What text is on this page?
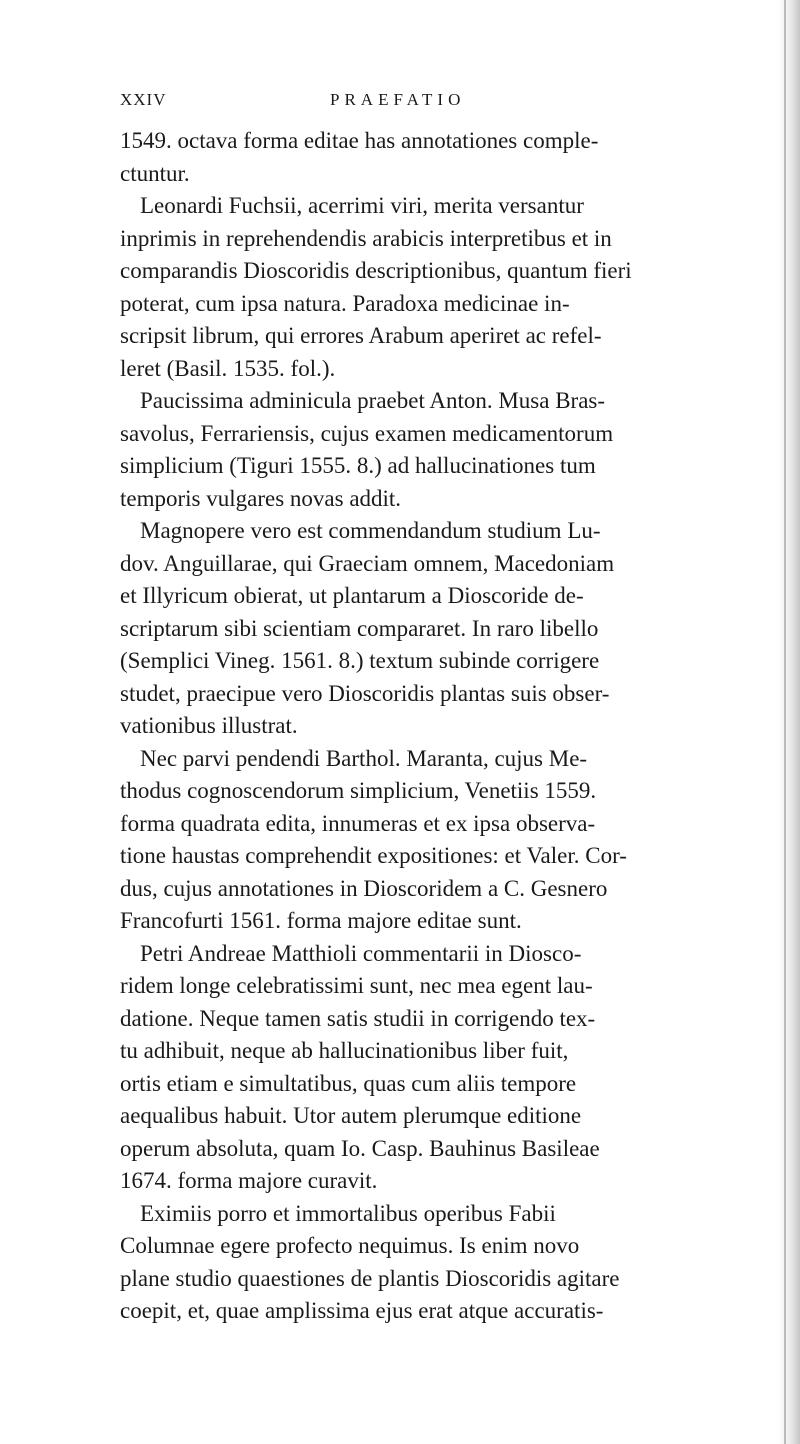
XXIV	PRAEFATIO
1549. octava forma editae has annotationes comple-
ctuntur.
Leonardi Fuchsii, acerrimi viri, merita versantur
inprimis in reprehendendis arabicis interpretibus et in
comparandis Dioscoridis descriptionibus, quantum fieri
poterat, cum ipsa natura. Paradoxa medicinae in-
scripsit librum, qui errores Arabum aperiret ac refel-
leret (Basil. 1535. fol.).
Paucissima adminicula praebet Anton. Musa Bras-
savolus, Ferrariensis, cujus examen medicamentorum
simplicium (Tiguri 1555. 8.) ad hallucinationes tum
temporis vulgares novas addit.
Magnopere vero est commendandum studium Lu-
dov. Anguillarae, qui Graeciam omnem, Macedoniam
et Illyricum obierat, ut plantarum a Dioscoride de-
scriptarum sibi scientiam compararet. In raro libello
(Semplici Vineg. 1561. 8.) textum subinde corrigere
studet, praecipue vero Dioscoridis plantas suis obser-
vationibus illustrat.
Nec parvi pendendi Barthol. Maranta, cujus Me-
thodus cognoscendorum simplicium, Venetiis 1559.
forma quadrata edita, innumeras et ex ipsa observa-
tione haustas comprehendit expositiones: et Valer. Cor-
dus, cujus annotationes in Dioscoridem a C. Gesnero
Francofurti 1561. forma majore editae sunt.
Petri Andreae Matthioli commentarii in Diosco-
ridem longe celebratissimi sunt, nec mea egent lau-
datione. Neque tamen satis studii in corrigendo tex-
tu adhibuit, neque ab hallucinationibus liber fuit,
ortis etiam e simultatibus, quas cum aliis tempore
aequalibus habuit. Utor autem plerumque editione
operum absoluta, quam Io. Casp. Bauhinus Basileae
1674. forma majore curavit.
Eximiis porro et immortalibus operibus Fabii
Columnae egere profecto nequimus. Is enim novo
plane studio quaestiones de plantis Dioscoridis agitare
coepit, et, quae amplissima ejus erat atque accuratis-
